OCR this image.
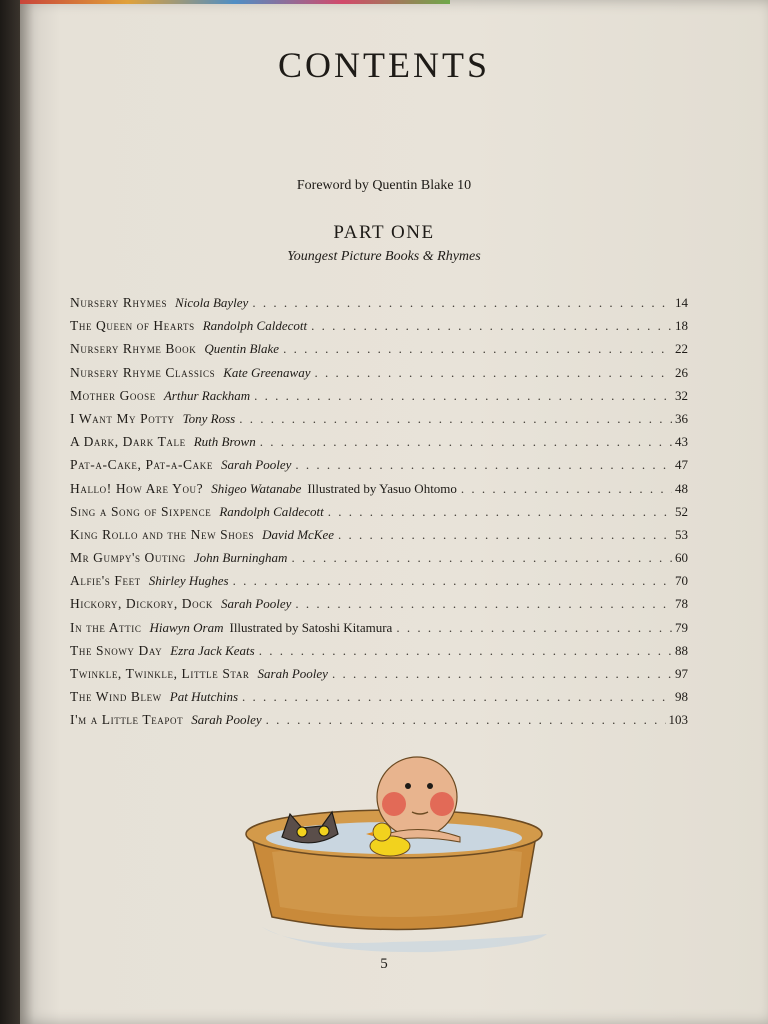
CONTENTS
Foreword by Quentin Blake 10
PART ONE
Youngest Picture Books & Rhymes
Nursery Rhymes Nicola Bayley . . .	14
The Queen of Hearts Randolph Caldecott . . .	18
Nursery Rhyme Book Quentin Blake . . .	22
Nursery Rhyme Classics Kate Greenaway . . .	26
Mother Goose Arthur Rackham . . .	32
I Want My Potty Tony Ross . . .	36
A Dark, Dark Tale Ruth Brown . . .	43
Pat-a-Cake, Pat-a-Cake Sarah Pooley . . .	47
Hallo! How Are You? Shigeo Watanabe Illustrated by Yasuo Ohtomo . . .	48
Sing a Song of Sixpence Randolph Caldecott . . .	52
King Rollo and the New Shoes David McKee . . .	53
Mr Gumpy's Outing John Burningham . . .	60
Alfie's Feet Shirley Hughes . . .	70
Hickory, Dickory, Dock Sarah Pooley . . .	78
In the Attic Hiawyn Oram Illustrated by Satoshi Kitamura . . .	79
The Snowy Day Ezra Jack Keats . . .	88
Twinkle, Twinkle, Little Star Sarah Pooley . . .	97
The Wind Blew Pat Hutchins . . .	98
I'm a Little Teapot Sarah Pooley . . .	103
5
